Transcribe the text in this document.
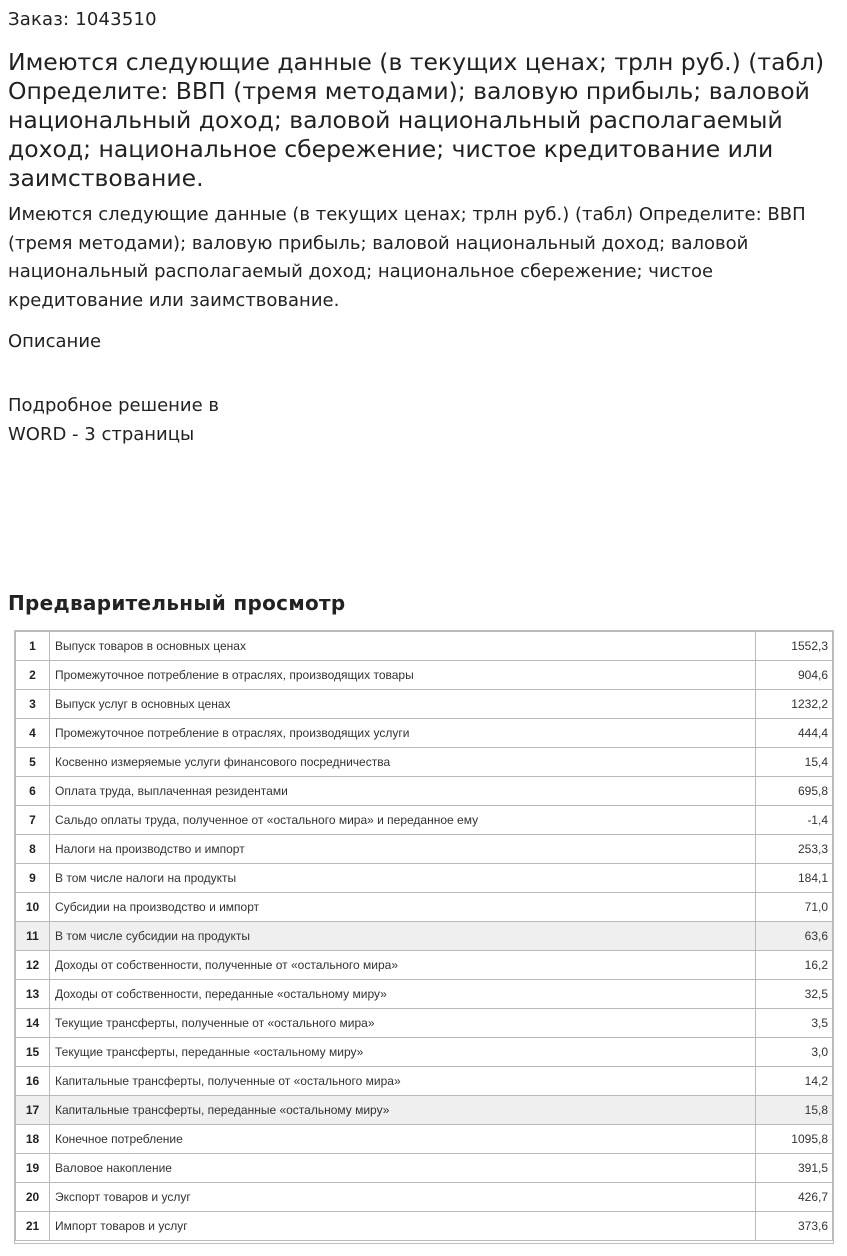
Заказ: 1043510
Имеются следующие данные (в текущих ценах; трлн руб.) (табл) Определите: ВВП (тремя методами); валовую прибыль; валовой национальный доход; валовой национальный располагаемый доход; национальное сбережение; чистое кредитование или заимствование.

Имеются следующие данные (в текущих ценах; трлн руб.) (табл) Определите: ВВП (тремя методами); валовую прибыль; валовой национальный доход; валовой национальный располагаемый доход; национальное сбережение; чистое кредитование или заимствование.

Описание
Подробное решение в WORD - 3 страницы
Предварительный просмотр
1	Выпуск товаров в основных ценах	1552,3
2	Промежуточное потребление в отраслях, производящих товары	904,6
3	Выпуск услуг в основных ценах	1232,2
4	Промежуточное потребление в отраслях, производящих услуги	444,4
5	Косвенно измеряемые услуги финансового посредничества	15,4
6	Оплата труда, выплаченная резидентами	695,8
7	Сальдо оплаты труда, полученное от «остального мира» и переданное ему	-1,4
8	Налоги на производство и импорт	253,3
9	В том числе налоги на продукты	184,1
10	Субсидии на производство и импорт	71,0
11	В том числе субсидии на продукты	63,6
12	Доходы от собственности, полученные от «остального мира»	16,2
13	Доходы от собственности, переданные «остальному миру»	32,5
14	Текущие трансферты, полученные от «остального мира»	3,5
15	Текущие трансферты, переданные «остальному миру»	3,0
16	Капитальные трансферты, полученные от «остального мира»	14,2
17	Капитальные трансферты, переданные «остальному миру»	15,8
18	Конечное потребление	1095,8
19	Валовое накопление	391,5
20	Экспорт товаров и услуг	426,7
21	Импорт товаров и услуг	373,6
